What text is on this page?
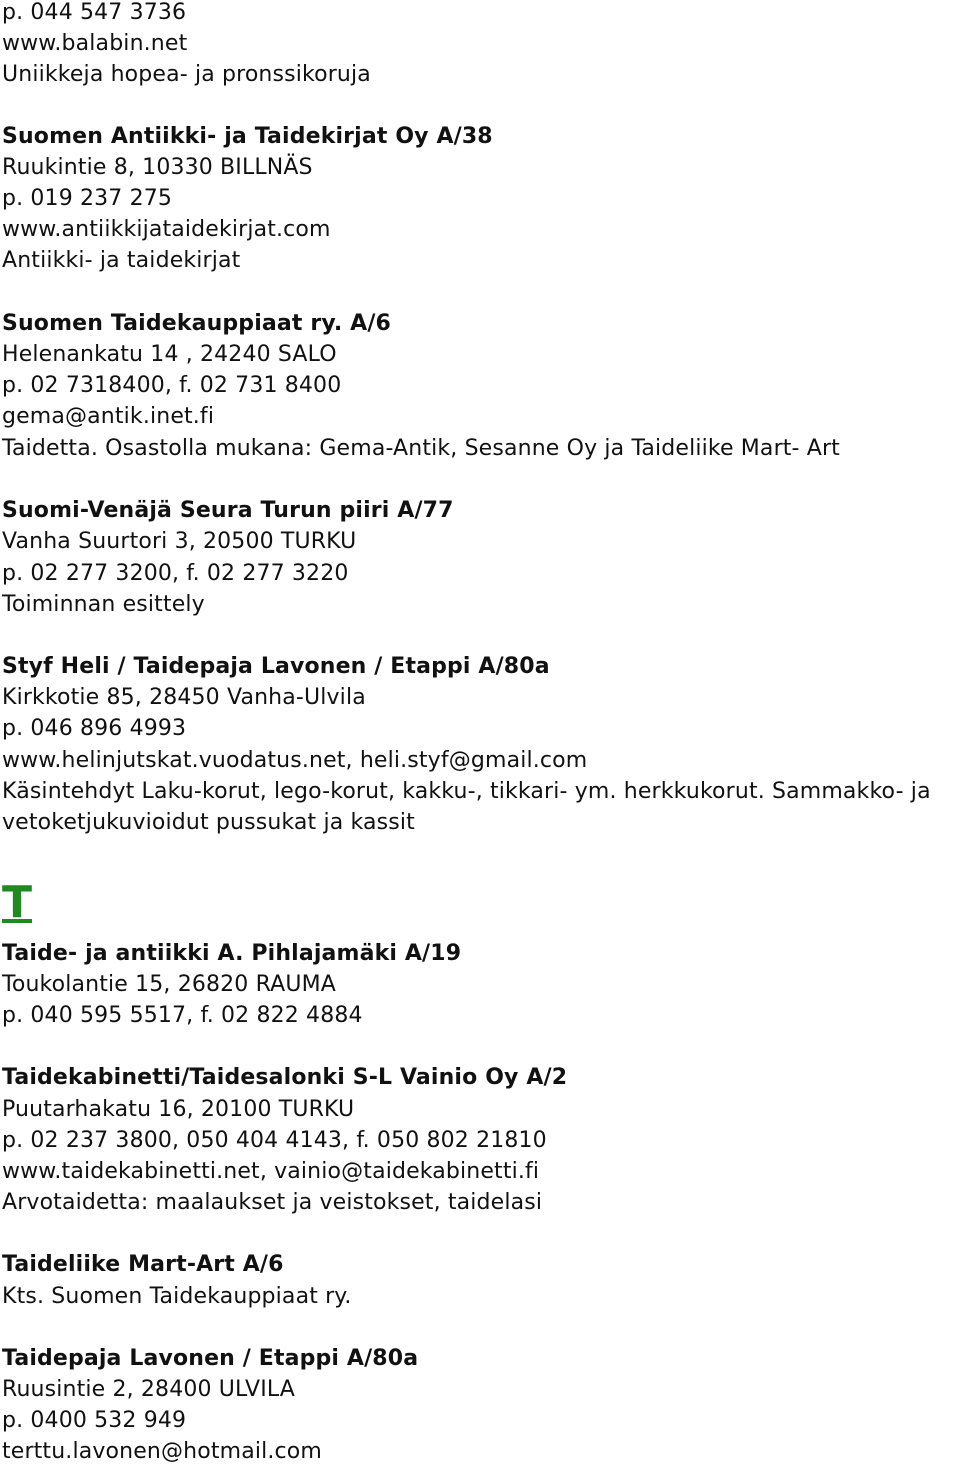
p. 044 547 3736

www.balabin.net

Uniikkeja hopea- ja pronssikoruja

Suomen Antiikki- ja Taidekirjat Oy A/38

Ruukintie 8, 10330 BILLNÄS

p. 019 237 275

www.antiikkijataidekirjat.com

Antiikki- ja taidekirjat

Suomen Taidekauppiaat ry. A/6

Helenankatu 14 , 24240 SALO

p. 02 7318400, f. 02 731 8400

gema@antik.inet.fi

Taidetta. Osastolla mukana: Gema-Antik, Sesanne Oy ja Taideliike Mart- Art

Suomi-Venäjä Seura Turun piiri A/77

Vanha Suurtori 3, 20500 TURKU

p. 02 277 3200, f. 02 277 3220

Toiminnan esittely

Styf Heli / Taidepaja Lavonen / Etappi A/80a

Kirkkotie 85, 28450 Vanha-Ulvila

p. 046 896 4993

www.helinjutskat.vuodatus.net, heli.styf@gmail.com

Käsintehdyt Laku-korut, lego-korut, kakku-, tikkari- ym. herkkukorut. Sammakko- ja vetoketjukuvioidut pussukat ja kassit

T

Taide- ja antiikki A. Pihlajamäki A/19

Toukolantie 15, 26820 RAUMA

p. 040 595 5517, f. 02 822 4884

Taidekabinetti/Taidesalonki S-L Vainio Oy A/2

Puutarhakatu 16, 20100 TURKU

p. 02 237 3800, 050 404 4143, f. 050 802 21810

www.taidekabinetti.net, vainio@taidekabinetti.fi

Arvotaidetta: maalaukset ja veistokset, taidelasi

Taideliike Mart-Art A/6

Kts. Suomen Taidekauppiaat ry.

Taidepaja Lavonen / Etappi A/80a

Ruusintie 2, 28400 ULVILA

p. 0400 532 949

terttu.lavonen@hotmail.com
